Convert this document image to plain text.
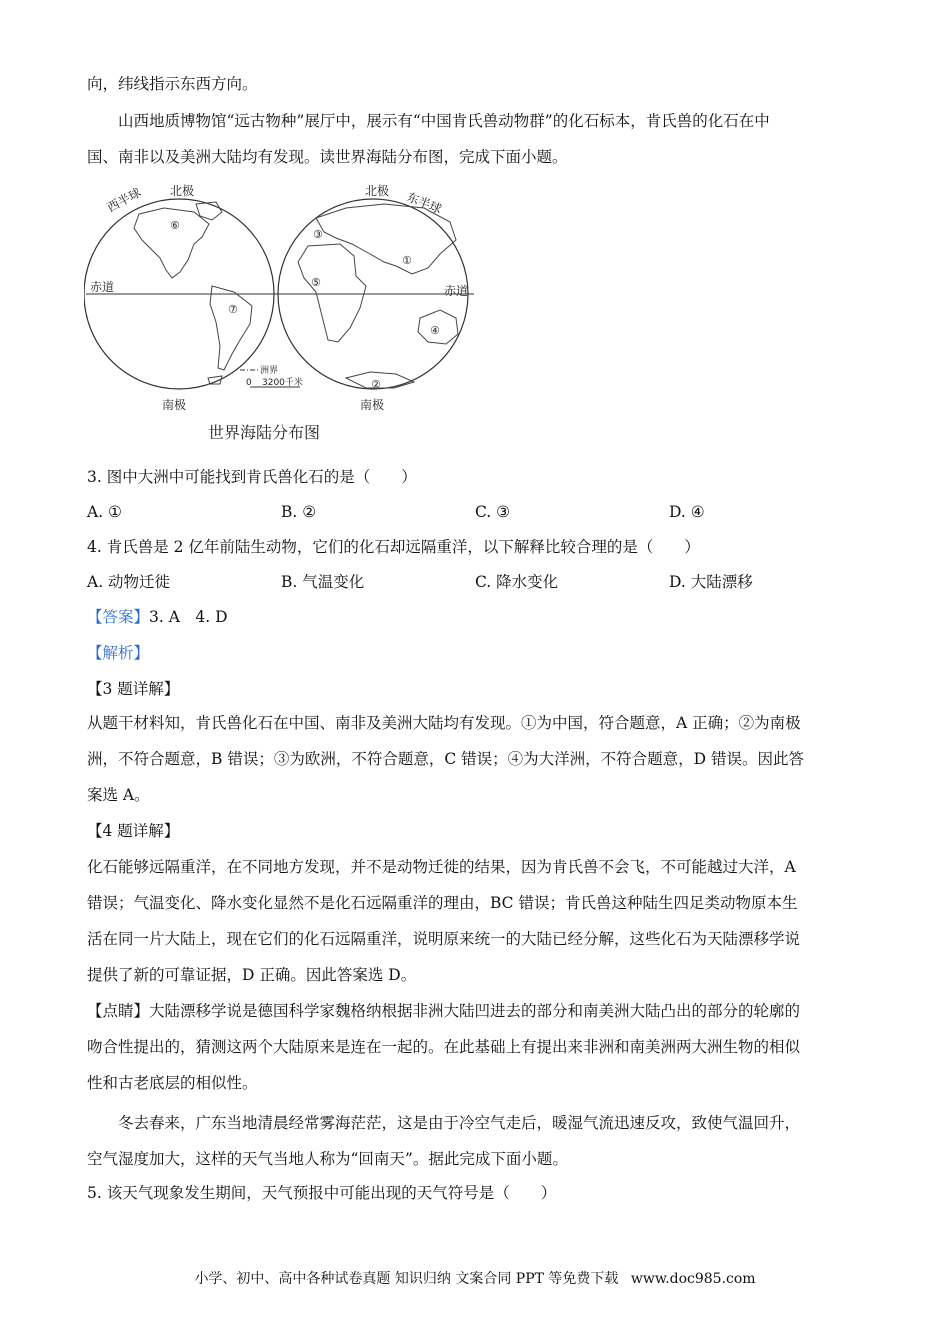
向，纬线指示东西方向。
山西地质博物馆“远古物种”展厅中，展示有“中国肯氏兽动物群”的化石标本，肯氏兽的化石在中
国、南非以及美洲大陆均有发现。读世界海陆分布图，完成下面小题。
⑥
⑦
③
①
⑤
④
②
西半球	东半球
北极	北极
南极	南极
赤道	赤道
洲界
0 3200千米
世界海陆分布图
3. 图中大洲中可能找到肯氏兽化石的是（　　）
A. ①	B. ②	C. ③	D. ④
4. 肯氏兽是 2 亿年前陆生动物，它们的化石却远隔重洋，以下解释比较合理的是（　　）
A. 动物迁徙	B. 气温变化	C. 降水变化	D. 大陆漂移
【答案】3. A　4. D
【解析】
【3 题详解】
从题干材料知，肯氏兽化石在中国、南非及美洲大陆均有发现。①为中国，符合题意，A 正确；②为南极
洲，不符合题意，B 错误；③为欧洲，不符合题意，C 错误；④为大洋洲，不符合题意，D 错误。因此答
案选 A。
【4 题详解】
化石能够远隔重洋，在不同地方发现，并不是动物迁徙的结果，因为肯氏兽不会飞，不可能越过大洋，A
错误；气温变化、降水变化显然不是化石远隔重洋的理由，BC 错误；肯氏兽这种陆生四足类动物原本生
活在同一片大陆上，现在它们的化石远隔重洋，说明原来统一的大陆已经分解，这些化石为天陆漂移学说
提供了新的可靠证据，D 正确。因此答案选 D。
【点睛】大陆漂移学说是德国科学家魏格纳根据非洲大陆凹进去的部分和南美洲大陆凸出的部分的轮廓的
吻合性提出的，猜测这两个大陆原来是连在一起的。在此基础上有提出来非洲和南美洲两大洲生物的相似
性和古老底层的相似性。
冬去春来，广东当地清晨经常雾海茫茫，这是由于冷空气走后，暖湿气流迅速反攻，致使气温回升，
空气湿度加大，这样的天气当地人称为“回南天”。据此完成下面小题。
5. 该天气现象发生期间，天气预报中可能出现的天气符号是（　　）
小学、初中、高中各种试卷真题 知识归纳 文案合同 PPT 等免费下载 www.doc985.com
